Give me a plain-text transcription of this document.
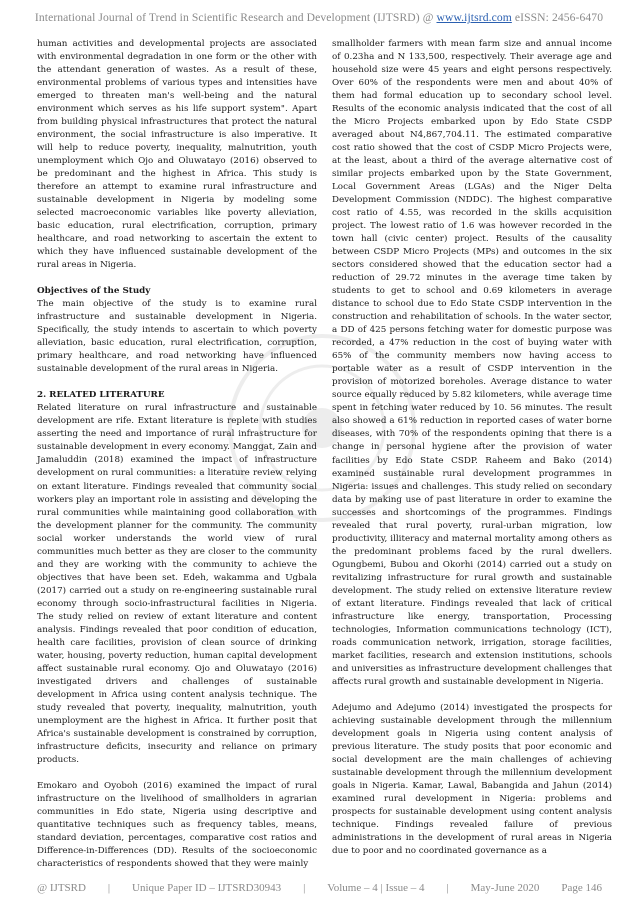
International Journal of Trend in Scientific Research and Development (IJTSRD) @ www.ijtsrd.com eISSN: 2456-6470

human activities and developmental projects are associated with environmental degradation in one form or the other with the attendant generation of wastes. As a result of these, environmental problems of various types and intensities have emerged to threaten man's well-being and the natural environment which serves as his life support system". Apart from building physical infrastructures that protect the natural environment, the social infrastructure is also imperative. It will help to reduce poverty, inequality, malnutrition, youth unemployment which Ojo and Oluwatayo (2016) observed to be predominant and the highest in Africa. This study is therefore an attempt to examine rural infrastructure and sustainable development in Nigeria by modeling some selected macroeconomic variables like poverty alleviation, basic education, rural electrification, corruption, primary healthcare, and road networking to ascertain the extent to which they have influenced sustainable development of the rural areas in Nigeria.

Objectives of the Study

The main objective of the study is to examine rural infrastructure and sustainable development in Nigeria. Specifically, the study intends to ascertain to which poverty alleviation, basic education, rural electrification, corruption, primary healthcare, and road networking have influenced sustainable development of the rural areas in Nigeria.

2. RELATED LITERATURE

Related literature on rural infrastructure and sustainable development are rife. Extant literature is replete with studies asserting the need and importance of rural infrastructure for sustainable development in every economy. Manggat, Zain and Jamaluddin (2018) examined the impact of infrastructure development on rural communities: a literature review relying on extant literature. Findings revealed that community social workers play an important role in assisting and developing the rural communities while maintaining good collaboration with the development planner for the community. The community social worker understands the world view of rural communities much better as they are closer to the community and they are working with the community to achieve the objectives that have been set. Edeh, wakamma and Ugbala (2017) carried out a study on re-engineering sustainable rural economy through socio-infrastructural facilities in Nigeria. The study relied on review of extant literature and content analysis. Findings revealed that poor condition of education, health care facilities, provision of clean source of drinking water, housing, poverty reduction, human capital development affect sustainable rural economy. Ojo and Oluwatayo (2016) investigated drivers and challenges of sustainable development in Africa using content analysis technique. The study revealed that poverty, inequality, malnutrition, youth unemployment are the highest in Africa. It further posit that Africa's sustainable development is constrained by corruption, infrastructure deficits, insecurity and reliance on primary products.

Emokaro and Oyoboh (2016) examined the impact of rural infrastructure on the livelihood of smallholders in agrarian communities in Edo state, Nigeria using descriptive and quantitative techniques such as frequency tables, means, standard deviation, percentages, comparative cost ratios and Difference-in-Differences (DD). Results of the socioeconomic characteristics of respondents showed that they were mainly

smallholder farmers with mean farm size and annual income of 0.23ha and N 133,500, respectively. Their average age and household size were 45 years and eight persons respectively. Over 60% of the respondents were men and about 40% of them had formal education up to secondary school level. Results of the economic analysis indicated that the cost of all the Micro Projects embarked upon by Edo State CSDP averaged about N4,867,704.11. The estimated comparative cost ratio showed that the cost of CSDP Micro Projects were, at the least, about a third of the average alternative cost of similar projects embarked upon by the State Government, Local Government Areas (LGAs) and the Niger Delta Development Commission (NDDC). The highest comparative cost ratio of 4.55, was recorded in the skills acquisition project. The lowest ratio of 1.6 was however recorded in the town hall (civic center) project. Results of the causality between CSDP Micro Projects (MPs) and outcomes in the six sectors considered showed that the education sector had a reduction of 29.72 minutes in the average time taken by students to get to school and 0.69 kilometers in average distance to school due to Edo State CSDP intervention in the construction and rehabilitation of schools. In the water sector, a DD of 425 persons fetching water for domestic purpose was recorded, a 47% reduction in the cost of buying water with 65% of the community members now having access to portable water as a result of CSDP intervention in the provision of motorized boreholes. Average distance to water source equally reduced by 5.82 kilometers, while average time spent in fetching water reduced by 10. 56 minutes. The result also showed a 61% reduction in reported cases of water borne diseases, with 70% of the respondents opining that there is a change in personal hygiene after the provision of water facilities by Edo State CSDP. Raheem and Bako (2014) examined sustainable rural development programmes in Nigeria: issues and challenges. This study relied on secondary data by making use of past literature in order to examine the successes and shortcomings of the programmes. Findings revealed that rural poverty, rural-urban migration, low productivity, illiteracy and maternal mortality among others as the predominant problems faced by the rural dwellers. Ogungbemi, Bubou and Okorhi (2014) carried out a study on revitalizing infrastructure for rural growth and sustainable development. The study relied on extensive literature review of extant literature. Findings revealed that lack of critical infrastructure like energy, transportation, Processing technologies, Information communications technology (ICT), roads communication network, irrigation, storage facilities, market facilities, research and extension institutions, schools and universities as infrastructure development challenges that affects rural growth and sustainable development in Nigeria.

Adejumo and Adejumo (2014) investigated the prospects for achieving sustainable development through the millennium development goals in Nigeria using content analysis of previous literature. The study posits that poor economic and social development are the main challenges of achieving sustainable development through the millennium development goals in Nigeria. Kamar, Lawal, Babangida and Jahun (2014) examined rural development in Nigeria: problems and prospects for sustainable development using content analysis technique. Findings revealed failure of previous administrations in the development of rural areas in Nigeria due to poor and no coordinated governance as a

@ IJTSRD | Unique Paper ID – IJTSRD30943 | Volume – 4 | Issue – 4 | May-June 2020 Page 146
